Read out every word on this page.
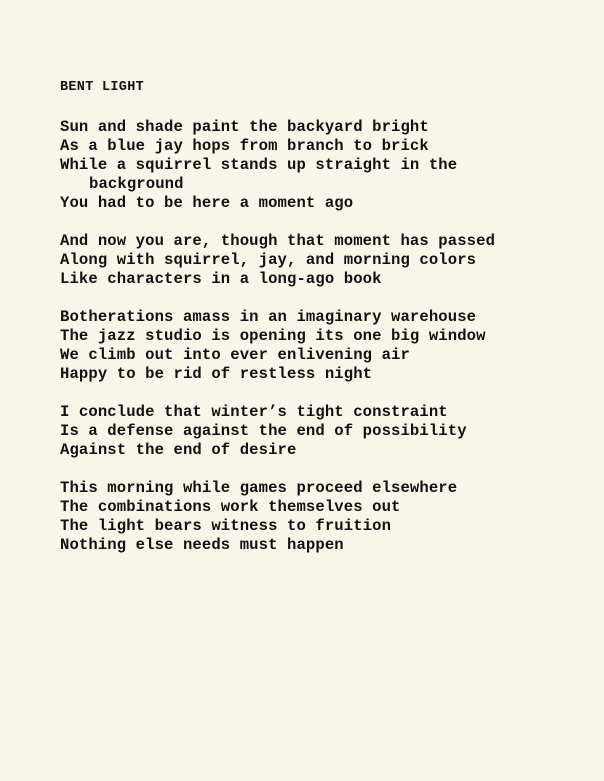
BENT LIGHT
Sun and shade paint the backyard bright
As a blue jay hops from branch to brick
While a squirrel stands up straight in the
background
You had to be here a moment ago
And now you are, though that moment has passed
Along with squirrel, jay, and morning colors
Like characters in a long-ago book
Botherations amass in an imaginary warehouse
The jazz studio is opening its one big window
We climb out into ever enlivening air
Happy to be rid of restless night
I conclude that winter’s tight constraint
Is a defense against the end of possibility
Against the end of desire
This morning while games proceed elsewhere
The combinations work themselves out
The light bears witness to fruition
Nothing else needs must happen
